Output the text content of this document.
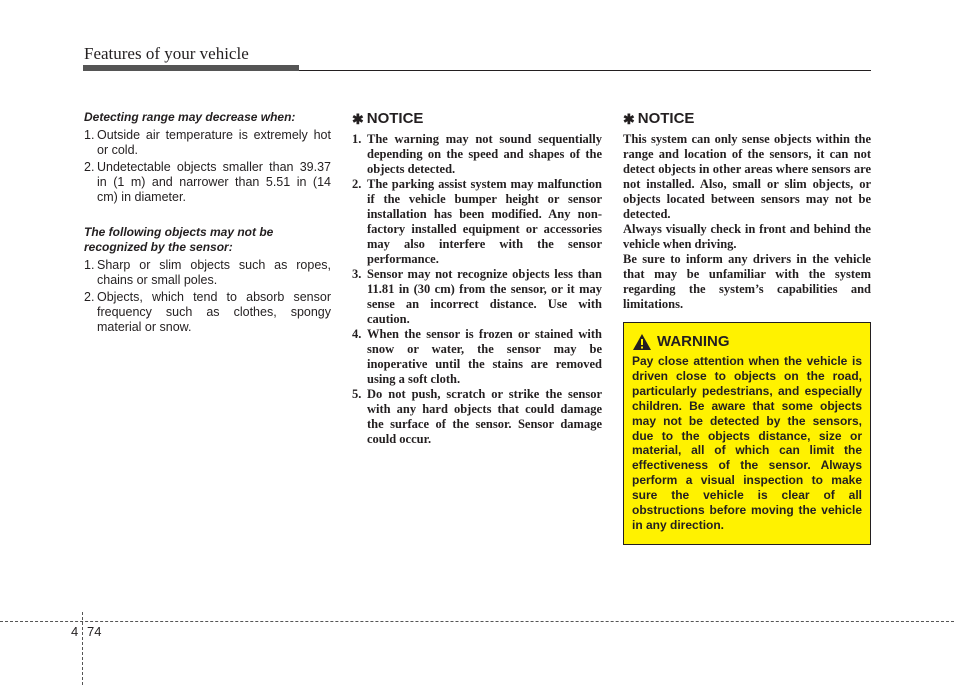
Features of your vehicle

Detecting range may decrease when:

1. Outside air temperature is extremely hot or cold.
2. Undetectable objects smaller than 39.37 in (1 m) and narrower than 5.51 in (14 cm) in diameter.

The following objects may not be recognized by the sensor:

1. Sharp or slim objects such as ropes, chains or small poles.
2. Objects, which tend to absorb sensor frequency such as clothes, spongy material or snow.
✱ NOTICE
1. The warning may not sound sequentially depending on the speed and shapes of the objects detected.
2. The parking assist system may malfunction if the vehicle bumper height or sensor installation has been modified. Any non-factory installed equipment or accessories may also interfere with the sensor performance.
3. Sensor may not recognize objects less than 11.81 in (30 cm) from the sensor, or it may sense an incorrect distance. Use with caution.
4. When the sensor is frozen or stained with snow or water, the sensor may be inoperative until the stains are removed using a soft cloth.
5. Do not push, scratch or strike the sensor with any hard objects that could damage the surface of the sensor. Sensor damage could occur.
✱ NOTICE

This system can only sense objects within the range and location of the sensors, it can not detect objects in other areas where sensors are not installed. Also, small or slim objects, or objects located between sensors may not be detected.

Always visually check in front and behind the vehicle when driving.

Be sure to inform any drivers in the vehicle that may be unfamiliar with the system regarding the system’s capabilities and limitations.

WARNING

Pay close attention when the vehicle is driven close to objects on the road, particularly pedestrians, and especially children. Be aware that some objects may not be detected by the sensors, due to the objects distance, size or material, all of which can limit the effectiveness of the sensor. Always perform a visual inspection to make sure the vehicle is clear of all obstructions before moving the vehicle in any direction.

4 74
